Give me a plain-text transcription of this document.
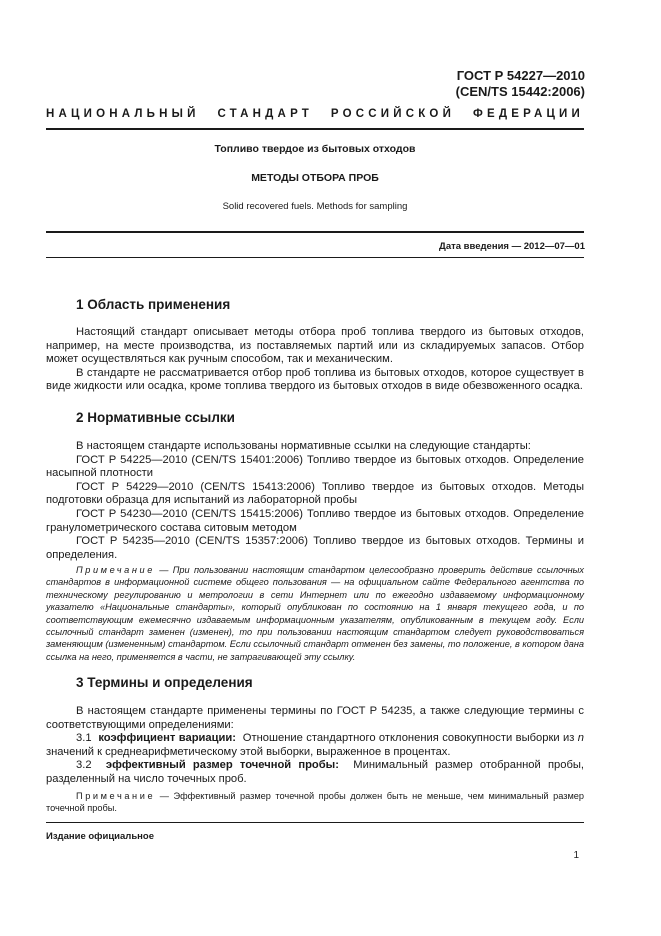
ГОСТ Р 54227—2010
(CEN/TS 15442:2006)
НАЦИОНАЛЬНЫЙ СТАНДАРТ РОССИЙСКОЙ ФЕДЕРАЦИИ
Топливо твердое из бытовых отходов
МЕТОДЫ ОТБОРА ПРОБ
Solid recovered fuels. Methods for sampling
Дата введения — 2012—07—01
1 Область применения

Настоящий стандарт описывает методы отбора проб топлива твердого из бытовых отходов, например, на месте производства, из поставляемых партий или из складируемых запасов. Отбор может осуществляться как ручным способом, так и механическим.

В стандарте не рассматривается отбор проб топлива из бытовых отходов, которое существует в виде жидкости или осадка, кроме топлива твердого из бытовых отходов в виде обезвоженного осадка.

2 Нормативные ссылки

В настоящем стандарте использованы нормативные ссылки на следующие стандарты:

ГОСТ Р 54225—2010 (CEN/TS 15401:2006) Топливо твердое из бытовых отходов. Определение насыпной плотности

ГОСТ Р 54229—2010 (CEN/TS 15413:2006) Топливо твердое из бытовых отходов. Методы подготовки образца для испытаний из лабораторной пробы

ГОСТ Р 54230—2010 (CEN/TS 15415:2006) Топливо твердое из бытовых отходов. Определение гранулометрического состава ситовым методом

ГОСТ Р 54235—2010 (CEN/TS 15357:2006) Топливо твердое из бытовых отходов. Термины и определения.

Примечание — При пользовании настоящим стандартом целесообразно проверить действие ссылочных стандартов в информационной системе общего пользования — на официальном сайте Федерального агентства по техническому регулированию и метрологии в сети Интернет или по ежегодно издаваемому информационному указателю «Национальные стандарты», который опубликован по состоянию на 1 января текущего года, и по соответствующим ежемесячно издаваемым информационным указателям, опубликованным в текущем году. Если ссылочный стандарт заменен (изменен), то при пользовании настоящим стандартом следует руководствоваться заменяющим (измененным) стандартом. Если ссылочный стандарт отменен без замены, то положение, в котором дана ссылка на него, применяется в части, не затрагивающей эту ссылку.

3 Термины и определения

В настоящем стандарте применены термины по ГОСТ Р 54235, а также следующие термины с соответствующими определениями:

3.1 коэффициент вариации: Отношение стандартного отклонения совокупности выборки из n значений к среднеарифметическому этой выборки, выраженное в процентах.

3.2 эффективный размер точечной пробы: Минимальный размер отобранной пробы, разделенный на число точечных проб.

Примечание — Эффективный размер точечной пробы должен быть не меньше, чем минимальный размер точечной пробы.

Издание официальное
1
